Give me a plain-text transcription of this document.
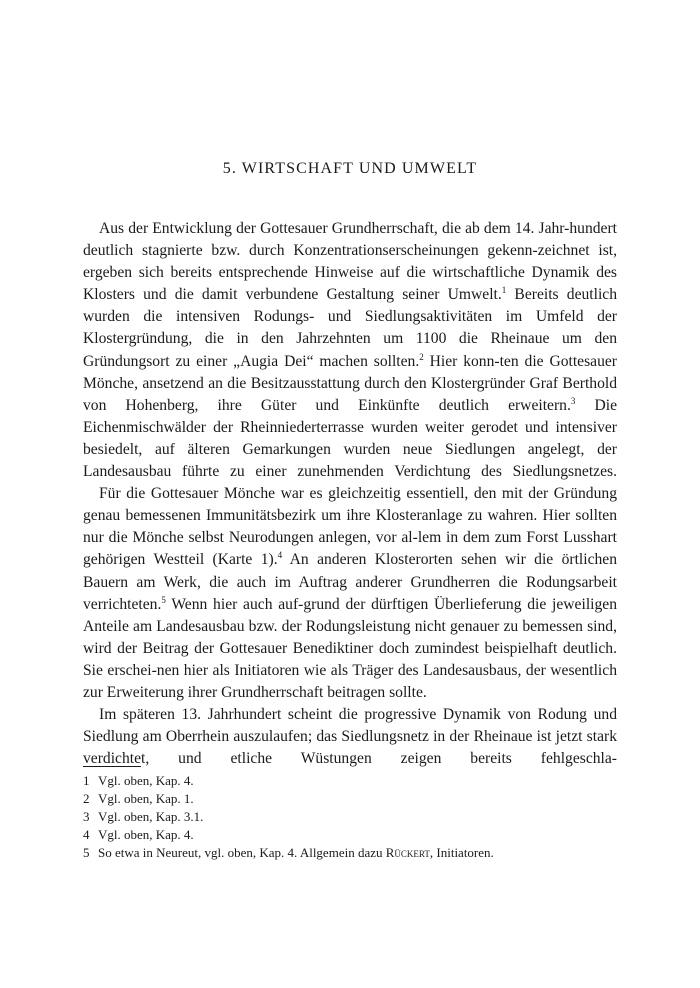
5. WIRTSCHAFT UND UMWELT

Aus der Entwicklung der Gottesauer Grundherrschaft, die ab dem 14. Jahr-hundert deutlich stagnierte bzw. durch Konzentrationserscheinungen gekenn-zeichnet ist, ergeben sich bereits entsprechende Hinweise auf die wirtschaftliche Dynamik des Klosters und die damit verbundene Gestaltung seiner Umwelt.$^1$ Bereits deutlich wurden die intensiven Rodungs- und Siedlungsaktivitäten im Umfeld der Klostergründung, die in den Jahrzehnten um 1100 die Rheinaue um den Gründungsort zu einer „Augia Dei“ machen sollten.$^2$ Hier konn-ten die Gottesauer Mönche, ansetzend an die Besitzausstattung durch den Klostergründer Graf Berthold von Hohenberg, ihre Güter und Einkünfte deutlich erweitern.$^3$ Die Eichenmischwälder der Rheinniederterrasse wurden weiter gerodet und intensiver besiedelt, auf älteren Gemarkungen wurden neue Siedlungen angelegt, der Landesausbau führte zu einer zunehmenden Verdichtung des Siedlungsnetzes.

Für die Gottesauer Mönche war es gleichzeitig essentiell, den mit der Gründung genau bemessenen Immunitätsbezirk um ihre Klosteranlage zu wahren. Hier sollten nur die Mönche selbst Neurodungen anlegen, vor al-lem in dem zum Forst Lusshart gehörigen Westteil (Karte 1).$^4$ An anderen Klosterorten sehen wir die örtlichen Bauern am Werk, die auch im Auftrag anderer Grundherren die Rodungsarbeit verrichteten.$^5$ Wenn hier auch auf-grund der dürftigen Überlieferung die jeweiligen Anteile am Landesausbau bzw. der Rodungsleistung nicht genauer zu bemessen sind, wird der Beitrag der Gottesauer Benediktiner doch zumindest beispielhaft deutlich. Sie erschei-nen hier als Initiatoren wie als Träger des Landesausbaus, der wesentlich zur Erweiterung ihrer Grundherrschaft beitragen sollte.

Im späteren 13. Jahrhundert scheint die progressive Dynamik von Rodung und Siedlung am Oberrhein auszulaufen; das Siedlungsnetz in der Rheinaue ist jetzt stark verdichtet, und etliche Wüstungen zeigen bereits fehlgeschla-

1 Vgl. oben, Kap. 4.
2 Vgl. oben, Kap. 1.
3 Vgl. oben, Kap. 3.1.
4 Vgl. oben, Kap. 4.
5 So etwa in Neureut, vgl. oben, Kap. 4. Allgemein dazu Rückert, Initiatoren.
